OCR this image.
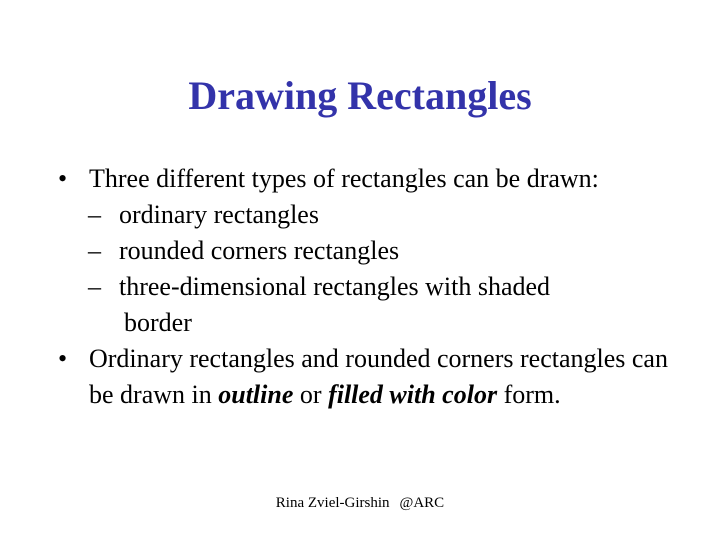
Drawing Rectangles
• Three different types of rectangles can be drawn:
– ordinary rectangles
– rounded corners rectangles
– three-dimensional rectangles with shaded
border
• Ordinary rectangles and rounded corners rectangles can be drawn in outline or filled with color form.
Rina Zviel-Girshin @ARC
